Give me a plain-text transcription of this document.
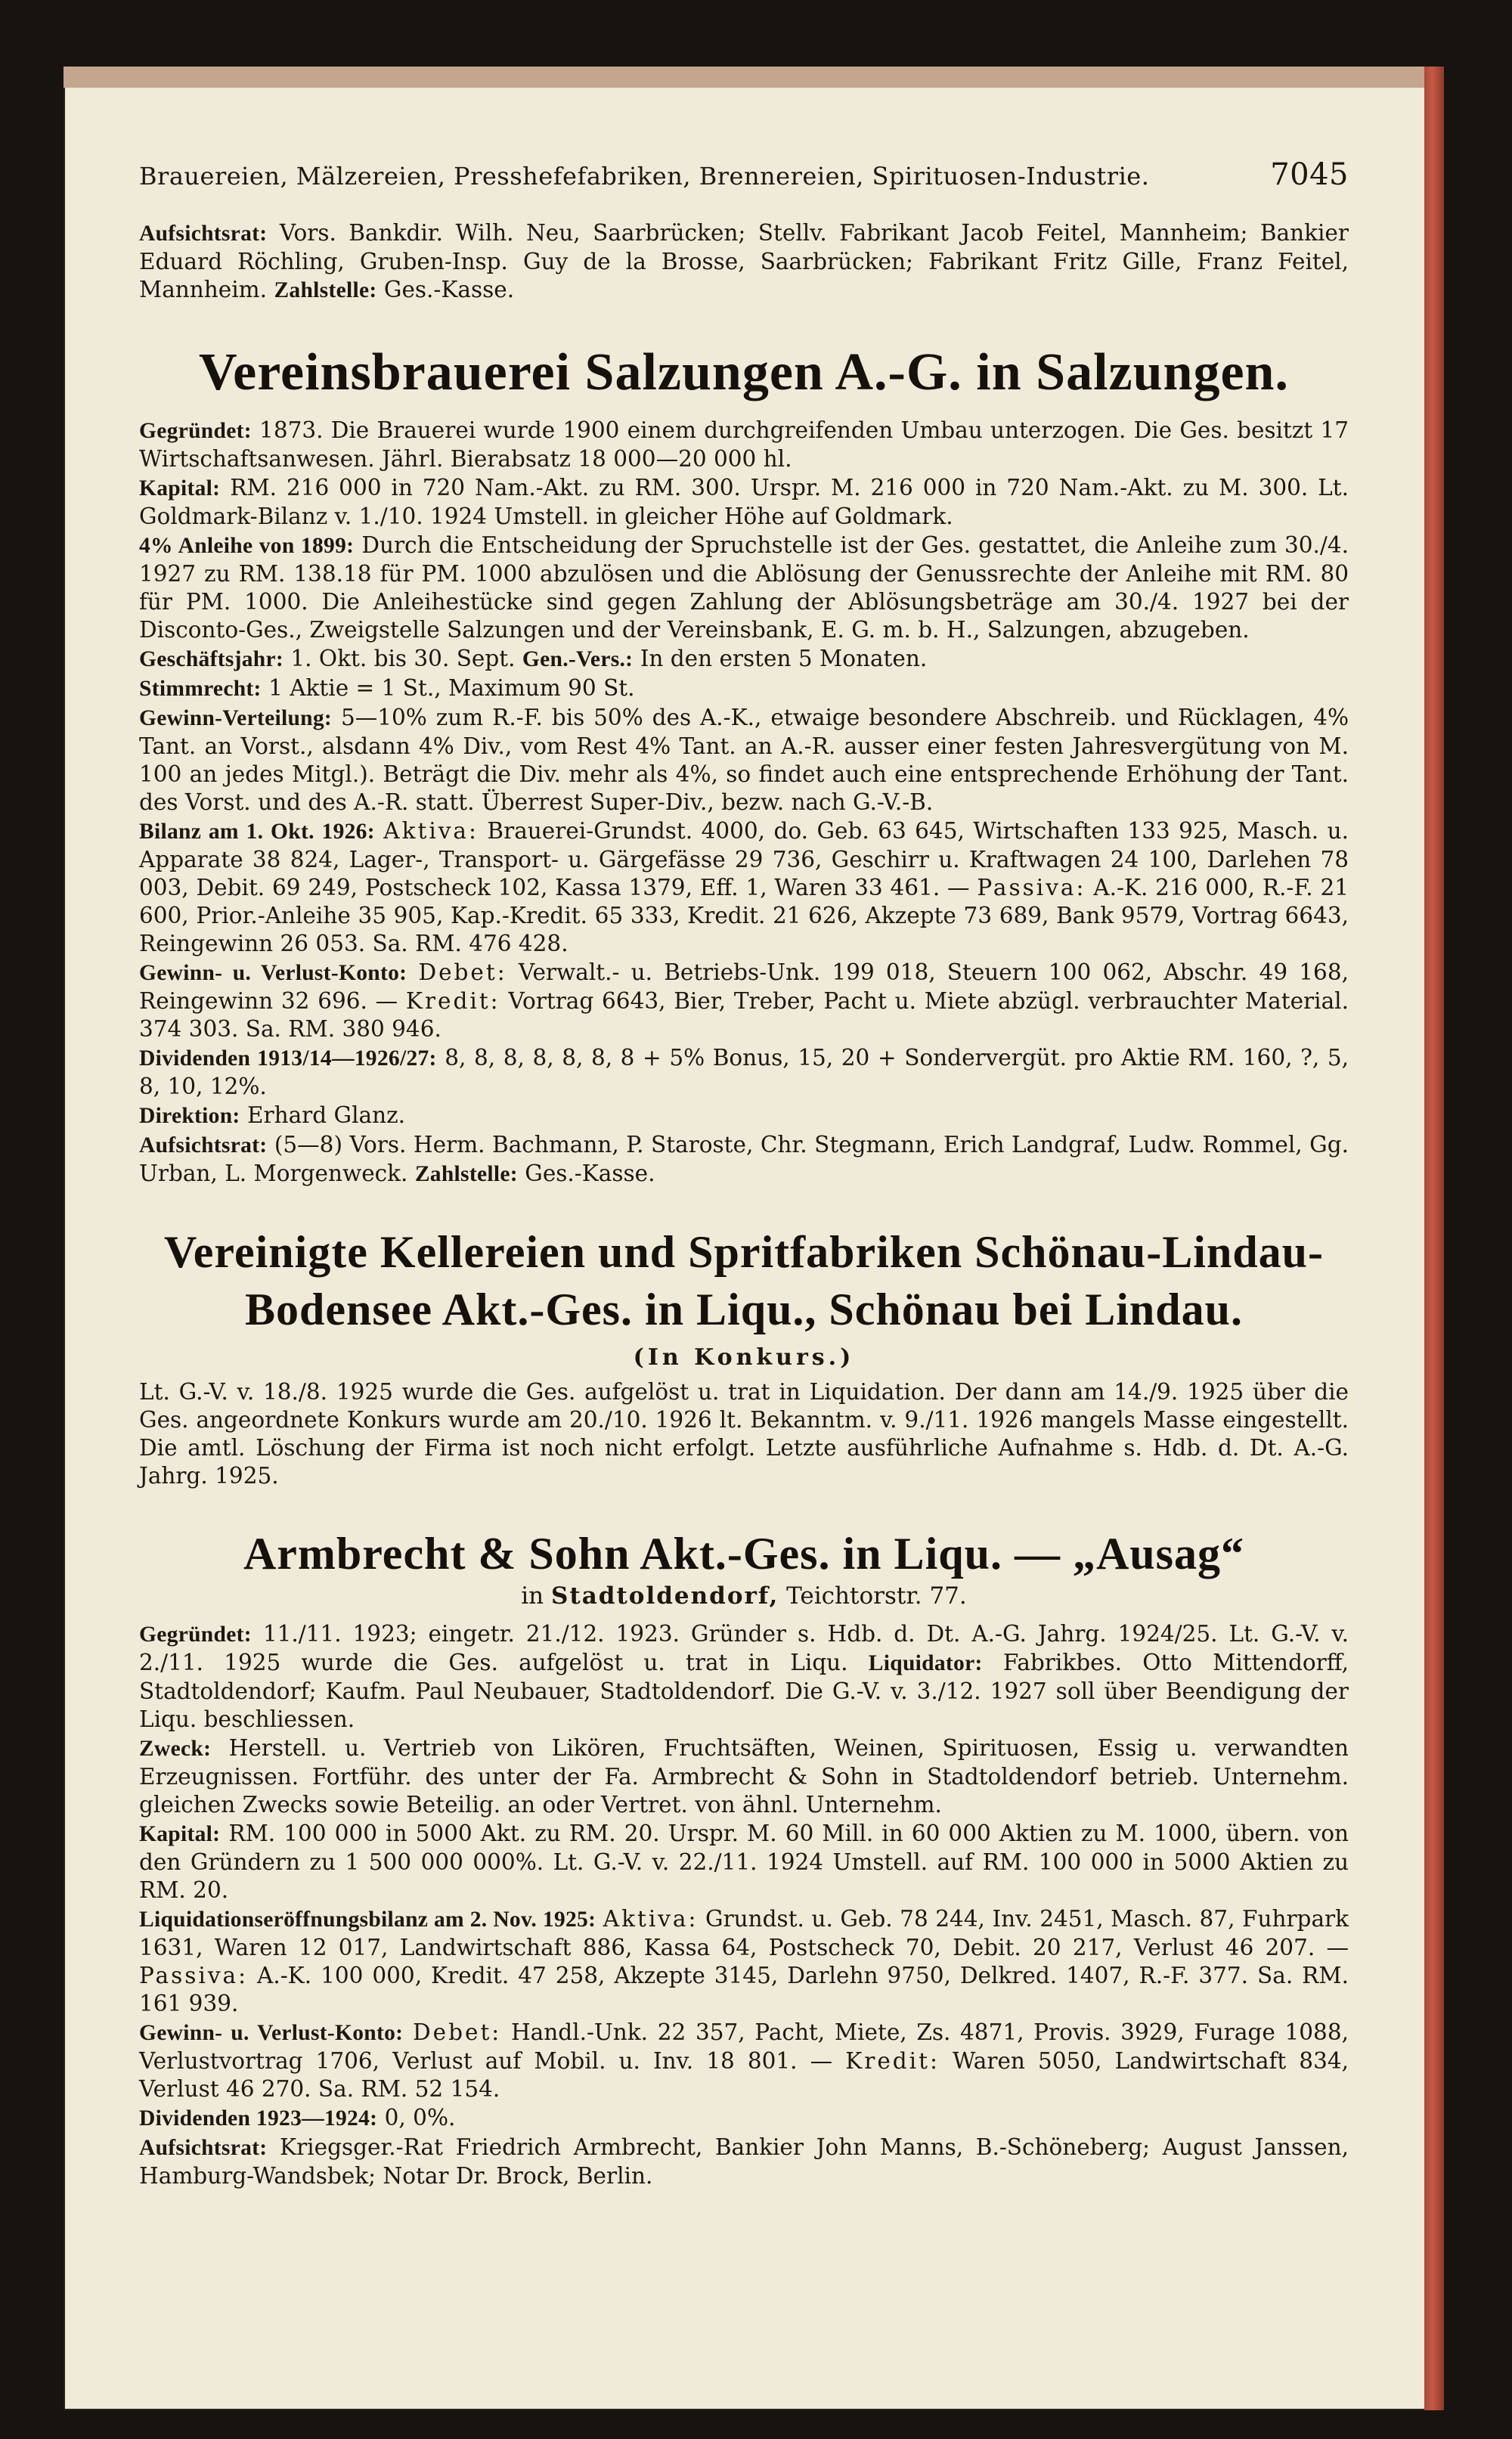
Brauereien, Mälzereien, Presshefefabriken, Brennereien, Spirituosen-Industrie.	7045

Aufsichtsrat: Vors. Bankdir. Wilh. Neu, Saarbrücken; Stellv. Fabrikant Jacob Feitel, Mannheim; Bankier Eduard Röchling, Gruben-Insp. Guy de la Brosse, Saarbrücken; Fabrikant Fritz Gille, Franz Feitel, Mannheim. Zahlstelle: Ges.-Kasse.

Vereinsbrauerei Salzungen A.-G. in Salzungen.

Gegründet: 1873. Die Brauerei wurde 1900 einem durchgreifenden Umbau unterzogen. Die Ges. besitzt 17 Wirtschaftsanwesen. Jährl. Bierabsatz 18 000—20 000 hl.

Kapital: RM. 216 000 in 720 Nam.-Akt. zu RM. 300. Urspr. M. 216 000 in 720 Nam.-Akt. zu M. 300. Lt. Goldmark-Bilanz v. 1./10. 1924 Umstell. in gleicher Höhe auf Goldmark.

4% Anleihe von 1899: Durch die Entscheidung der Spruchstelle ist der Ges. gestattet, die Anleihe zum 30./4. 1927 zu RM. 138.18 für PM. 1000 abzulösen und die Ablösung der Genussrechte der Anleihe mit RM. 80 für PM. 1000. Die Anleihestücke sind gegen Zahlung der Ablösungsbeträge am 30./4. 1927 bei der Disconto-Ges., Zweigstelle Salzungen und der Vereinsbank, E. G. m. b. H., Salzungen, abzugeben.

Geschäftsjahr: 1. Okt. bis 30. Sept. Gen.-Vers.: In den ersten 5 Monaten.

Stimmrecht: 1 Aktie = 1 St., Maximum 90 St.

Gewinn-Verteilung: 5—10% zum R.-F. bis 50% des A.-K., etwaige besondere Abschreib. und Rücklagen, 4% Tant. an Vorst., alsdann 4% Div., vom Rest 4% Tant. an A.-R. ausser einer festen Jahresvergütung von M. 100 an jedes Mitgl.). Beträgt die Div. mehr als 4%, so findet auch eine entsprechende Erhöhung der Tant. des Vorst. und des A.-R. statt. Überrest Super-Div., bezw. nach G.-V.-B.

Bilanz am 1. Okt. 1926: Aktiva: Brauerei-Grundst. 4000, do. Geb. 63 645, Wirtschaften 133 925, Masch. u. Apparate 38 824, Lager-, Transport- u. Gärgefässe 29 736, Geschirr u. Kraftwagen 24 100, Darlehen 78 003, Debit. 69 249, Postscheck 102, Kassa 1379, Eff. 1, Waren 33 461. — Passiva: A.-K. 216 000, R.-F. 21 600, Prior.-Anleihe 35 905, Kap.-Kredit. 65 333, Kredit. 21 626, Akzepte 73 689, Bank 9579, Vortrag 6643, Reingewinn 26 053. Sa. RM. 476 428.

Gewinn- u. Verlust-Konto: Debet: Verwalt.- u. Betriebs-Unk. 199 018, Steuern 100 062, Abschr. 49 168, Reingewinn 32 696. — Kredit: Vortrag 6643, Bier, Treber, Pacht u. Miete abzügl. verbrauchter Material. 374 303. Sa. RM. 380 946.

Dividenden 1913/14—1926/27: 8, 8, 8, 8, 8, 8, 8 + 5% Bonus, 15, 20 + Sondervergüt. pro Aktie RM. 160, ?, 5, 8, 10, 12%.

Direktion: Erhard Glanz.

Aufsichtsrat: (5—8) Vors. Herm. Bachmann, P. Staroste, Chr. Stegmann, Erich Landgraf, Ludw. Rommel, Gg. Urban, L. Morgenweck. Zahlstelle: Ges.-Kasse.

Vereinigte Kellereien und Spritfabriken Schönau-Lindau-
Bodensee Akt.-Ges. in Liqu., Schönau bei Lindau.
(In Konkurs.)

Lt. G.-V. v. 18./8. 1925 wurde die Ges. aufgelöst u. trat in Liquidation. Der dann am 14./9. 1925 über die Ges. angeordnete Konkurs wurde am 20./10. 1926 lt. Bekanntm. v. 9./11. 1926 mangels Masse eingestellt. Die amtl. Löschung der Firma ist noch nicht erfolgt. Letzte ausführliche Aufnahme s. Hdb. d. Dt. A.-G. Jahrg. 1925.

Armbrecht & Sohn Akt.-Ges. in Liqu. — „Ausag“
in Stadtoldendorf, Teichtorstr. 77.

Gegründet: 11./11. 1923; eingetr. 21./12. 1923. Gründer s. Hdb. d. Dt. A.-G. Jahrg. 1924/25. Lt. G.-V. v. 2./11. 1925 wurde die Ges. aufgelöst u. trat in Liqu. Liquidator: Fabrikbes. Otto Mittendorff, Stadtoldendorf; Kaufm. Paul Neubauer, Stadtoldendorf. Die G.-V. v. 3./12. 1927 soll über Beendigung der Liqu. beschliessen.

Zweck: Herstell. u. Vertrieb von Likören, Fruchtsäften, Weinen, Spirituosen, Essig u. verwandten Erzeugnissen. Fortführ. des unter der Fa. Armbrecht & Sohn in Stadtoldendorf betrieb. Unternehm. gleichen Zwecks sowie Beteilig. an oder Vertret. von ähnl. Unternehm.

Kapital: RM. 100 000 in 5000 Akt. zu RM. 20. Urspr. M. 60 Mill. in 60 000 Aktien zu M. 1000, übern. von den Gründern zu 1 500 000 000%. Lt. G.-V. v. 22./11. 1924 Umstell. auf RM. 100 000 in 5000 Aktien zu RM. 20.

Liquidationseröffnungsbilanz am 2. Nov. 1925: Aktiva: Grundst. u. Geb. 78 244, Inv. 2451, Masch. 87, Fuhrpark 1631, Waren 12 017, Landwirtschaft 886, Kassa 64, Postscheck 70, Debit. 20 217, Verlust 46 207. — Passiva: A.-K. 100 000, Kredit. 47 258, Akzepte 3145, Darlehn 9750, Delkred. 1407, R.-F. 377. Sa. RM. 161 939.

Gewinn- u. Verlust-Konto: Debet: Handl.-Unk. 22 357, Pacht, Miete, Zs. 4871, Provis. 3929, Furage 1088, Verlustvortrag 1706, Verlust auf Mobil. u. Inv. 18 801. — Kredit: Waren 5050, Landwirtschaft 834, Verlust 46 270. Sa. RM. 52 154.

Dividenden 1923—1924: 0, 0%.

Aufsichtsrat: Kriegsger.-Rat Friedrich Armbrecht, Bankier John Manns, B.-Schöneberg; August Janssen, Hamburg-Wandsbek; Notar Dr. Brock, Berlin.
